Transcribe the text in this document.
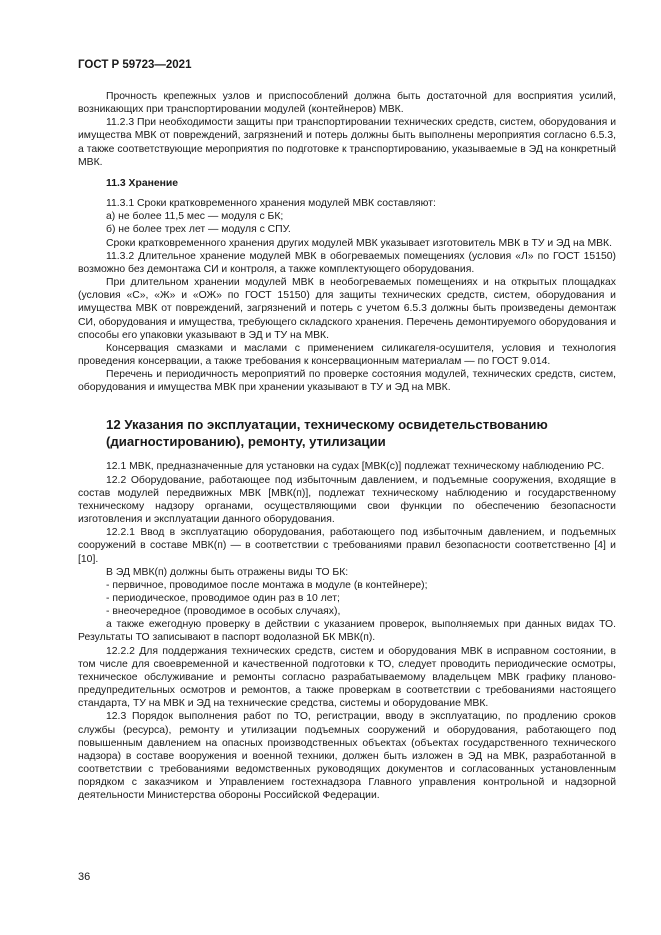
ГОСТ Р 59723—2021

Прочность крепежных узлов и приспособлений должна быть достаточной для восприятия усилий, возникающих при транспортировании модулей (контейнеров) МВК.

11.2.3 При необходимости защиты при транспортировании технических средств, систем, оборудования и имущества МВК от повреждений, загрязнений и потерь должны быть выполнены мероприятия согласно 6.5.3, а также соответствующие мероприятия по подготовке к транспортированию, указываемые в ЭД на конкретный МВК.

11.3 Хранение

11.3.1 Сроки кратковременного хранения модулей МВК составляют:

а) не более 11,5 мес — модуля с БК;

б) не более трех лет — модуля с СПУ.

Сроки кратковременного хранения других модулей МВК указывает изготовитель МВК в ТУ и ЭД на МВК.

11.3.2 Длительное хранение модулей МВК в обогреваемых помещениях (условия «Л» по ГОСТ 15150) возможно без демонтажа СИ и контроля, а также комплектующего оборудования.

При длительном хранении модулей МВК в необогреваемых помещениях и на открытых площадках (условия «С», «Ж» и «ОЖ» по ГОСТ 15150) для защиты технических средств, систем, оборудования и имущества МВК от повреждений, загрязнений и потерь с учетом 6.5.3 должны быть произведены демонтаж СИ, оборудования и имущества, требующего складского хранения. Перечень демонтируемого оборудования и способы его упаковки указывают в ЭД и ТУ на МВК.

Консервация смазками и маслами с применением силикагеля-осушителя, условия и технология проведения консервации, а также требования к консервационным материалам — по ГОСТ 9.014.

Перечень и периодичность мероприятий по проверке состояния модулей, технических средств, систем, оборудования и имущества МВК при хранении указывают в ТУ и ЭД на МВК.

12 Указания по эксплуатации, техническому освидетельствованию (диагностированию), ремонту, утилизации

12.1 МВК, предназначенные для установки на судах [МВК(с)] подлежат техническому наблюдению РС.

12.2 Оборудование, работающее под избыточным давлением, и подъемные сооружения, входящие в состав модулей передвижных МВК [МВК(п)], подлежат техническому наблюдению и государственному техническому надзору органами, осуществляющими свои функции по обеспечению безопасности изготовления и эксплуатации данного оборудования.

12.2.1 Ввод в эксплуатацию оборудования, работающего под избыточным давлением, и подъемных сооружений в составе МВК(п) — в соответствии с требованиями правил безопасности соответственно [4] и [10].

В ЭД МВК(п) должны быть отражены виды ТО БК:

- первичное, проводимое после монтажа в модуле (в контейнере);

- периодическое, проводимое один раз в 10 лет;

- внеочередное (проводимое в особых случаях),

а также ежегодную проверку в действии с указанием проверок, выполняемых при данных видах ТО. Результаты ТО записывают в паспорт водолазной БК МВК(п).

12.2.2 Для поддержания технических средств, систем и оборудования МВК в исправном состоянии, в том числе для своевременной и качественной подготовки к ТО, следует проводить периодические осмотры, техническое обслуживание и ремонты согласно разрабатываемому владельцем МВК графику планово-предупредительных осмотров и ремонтов, а также проверкам в соответствии с требованиями настоящего стандарта, ТУ на МВК и ЭД на технические средства, системы и оборудование МВК.

12.3 Порядок выполнения работ по ТО, регистрации, вводу в эксплуатацию, по продлению сроков службы (ресурса), ремонту и утилизации подъемных сооружений и оборудования, работающего под повышенным давлением на опасных производственных объектах (объектах государственного технического надзора) в составе вооружения и военной техники, должен быть изложен в ЭД на МВК, разработанной в соответствии с требованиями ведомственных руководящих документов и согласованных установленным порядком с заказчиком и Управлением гостехнадзора Главного управления контрольной и надзорной деятельности Министерства обороны Российской Федерации.

36
